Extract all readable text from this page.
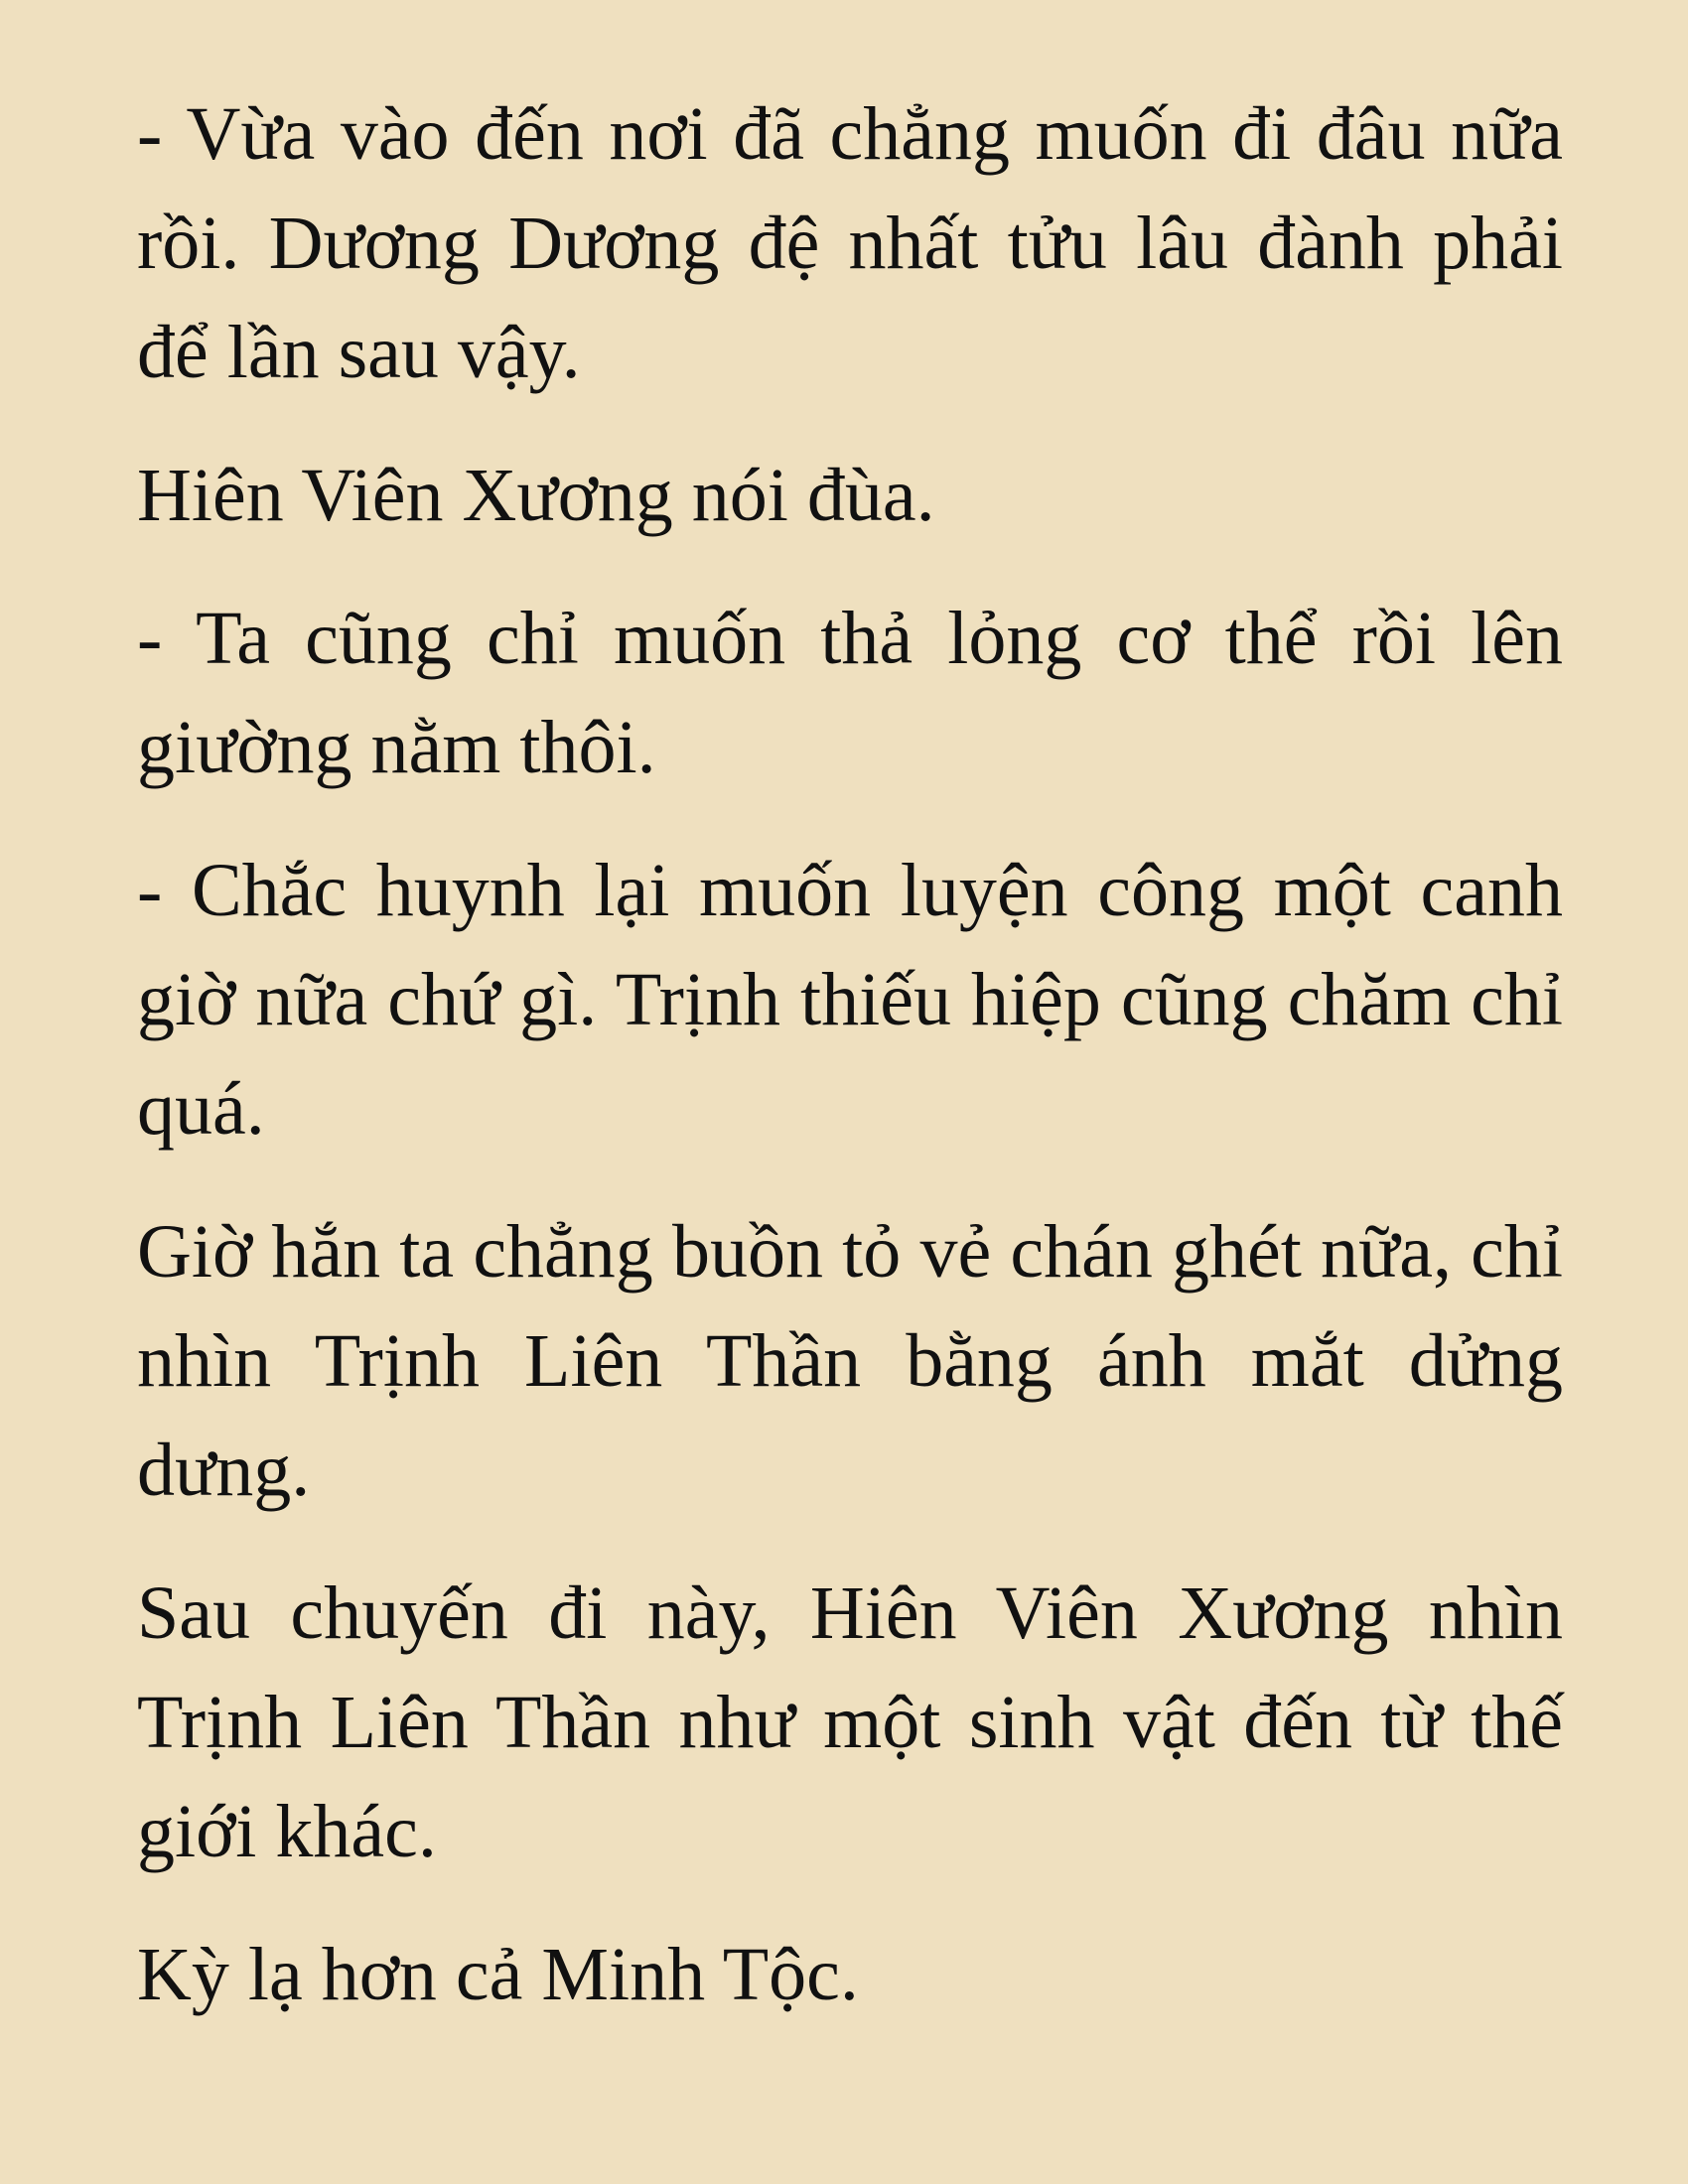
- Vừa vào đến nơi đã chẳng muốn đi đâu nữa rồi. Dương Dương đệ nhất tửu lâu đành phải để lần sau vậy.

Hiên Viên Xương nói đùa.

- Ta cũng chỉ muốn thả lỏng cơ thể rồi lên giường nằm thôi.

- Chắc huynh lại muốn luyện công một canh giờ nữa chứ gì. Trịnh thiếu hiệp cũng chăm chỉ quá.

Giờ hắn ta chẳng buồn tỏ vẻ chán ghét nữa, chỉ nhìn Trịnh Liên Thần bằng ánh mắt dửng dưng.

Sau chuyến đi này, Hiên Viên Xương nhìn Trịnh Liên Thần như một sinh vật đến từ thế giới khác.

Kỳ lạ hơn cả Minh Tộc.
